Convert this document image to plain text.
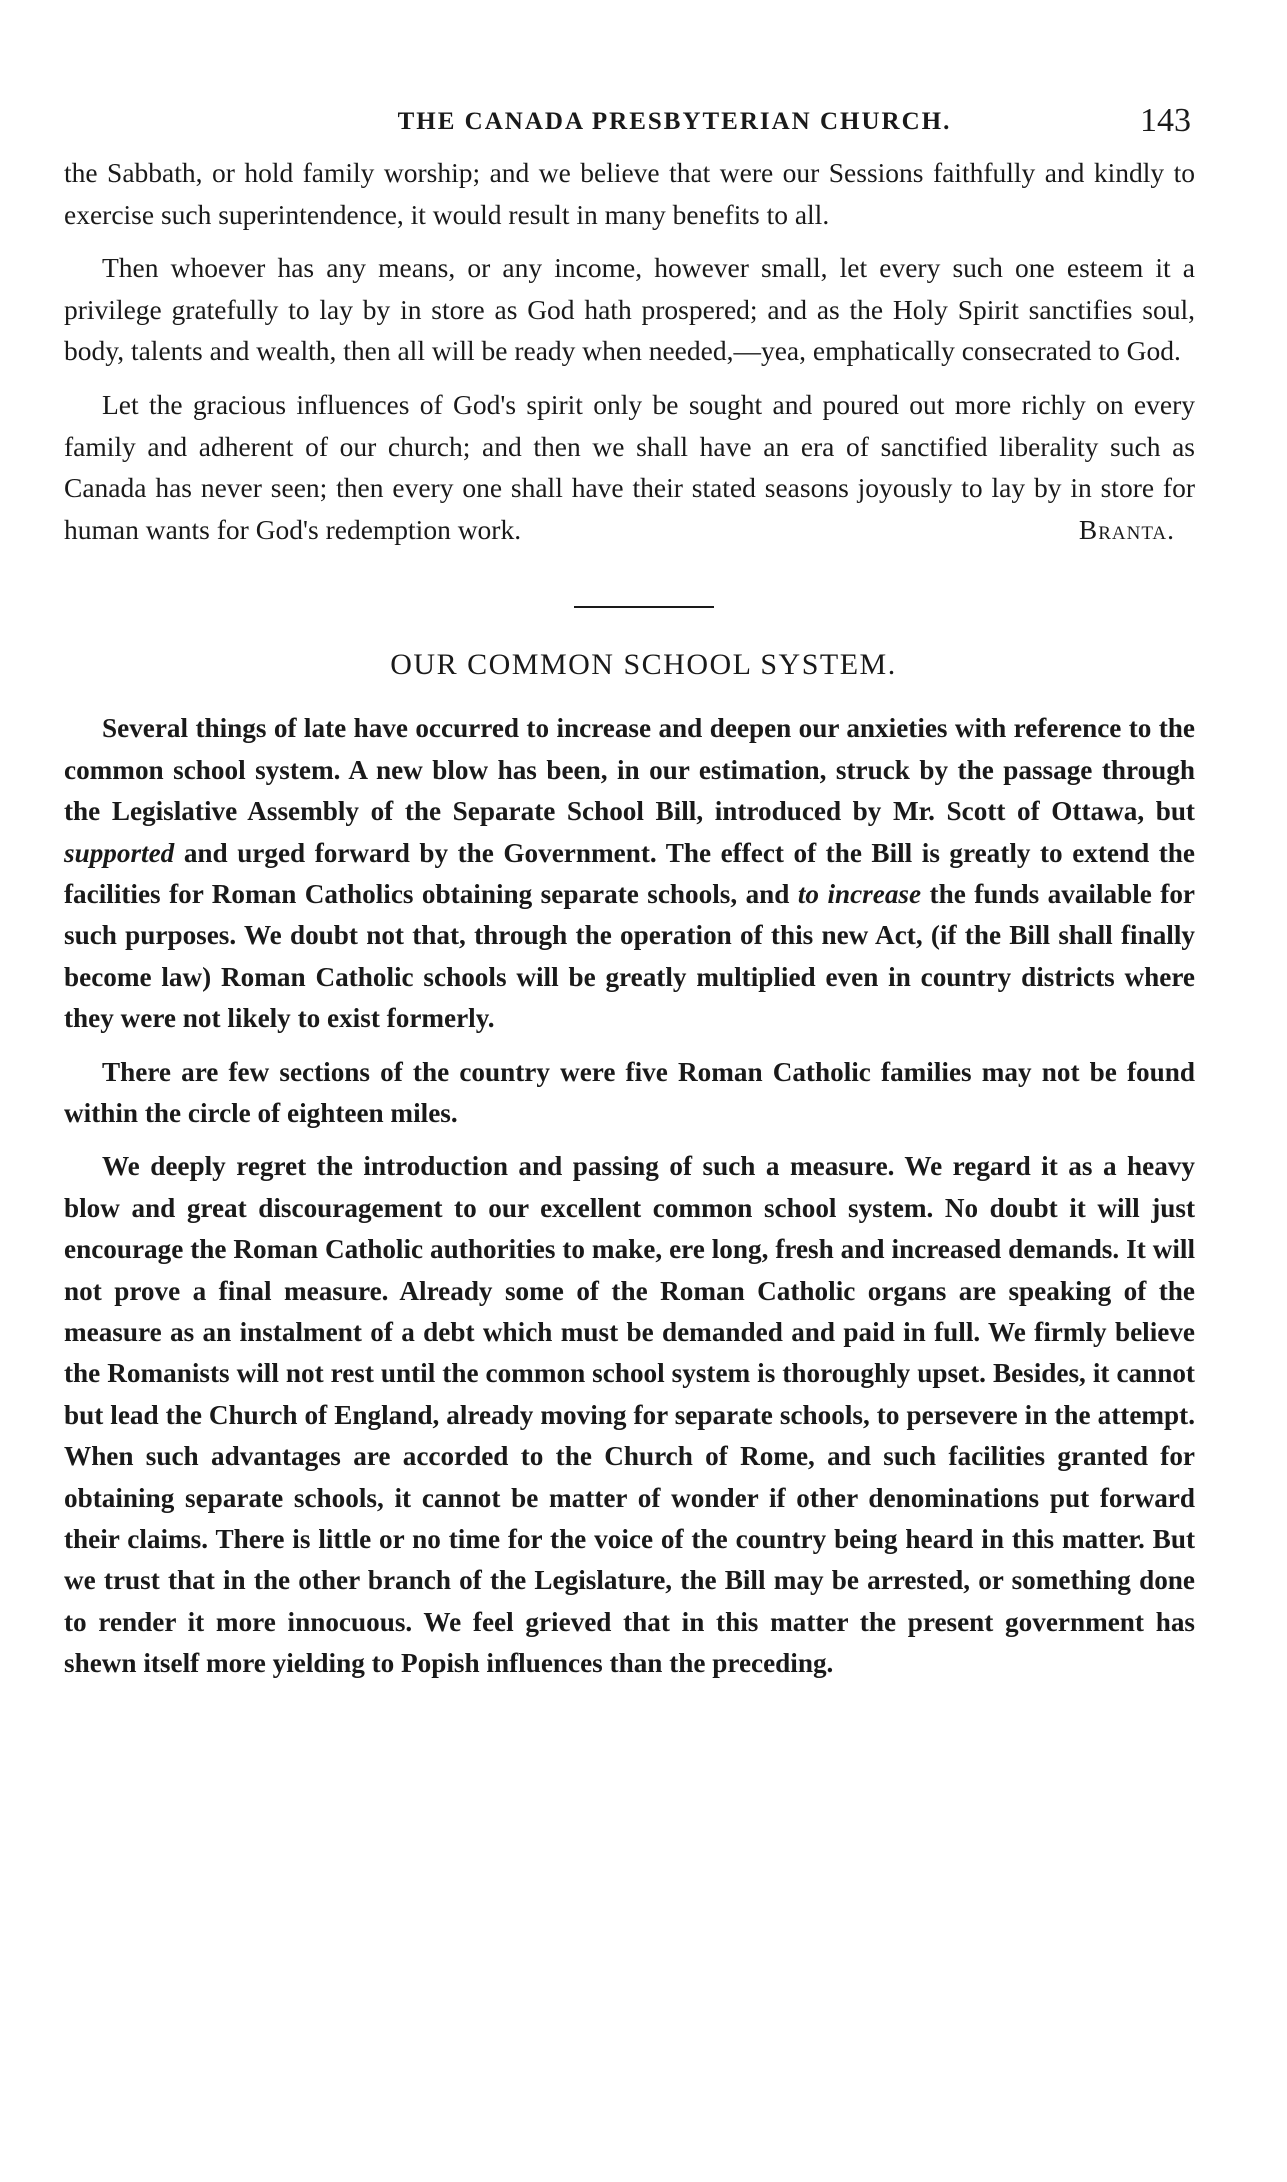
THE CANADA PRESBYTERIAN CHURCH.	143

the Sabbath, or hold family worship; and we believe that were our Sessions faithfully and kindly to exercise such superintendence, it would result in many benefits to all.

Then whoever has any means, or any income, however small, let every such one esteem it a privilege gratefully to lay by in store as God hath prospered; and as the Holy Spirit sanctifies soul, body, talents and wealth, then all will be ready when needed,—yea, emphatically consecrated to God.

Let the gracious influences of God's spirit only be sought and poured out more richly on every family and adherent of our church; and then we shall have an era of sanctified liberality such as Canada has never seen; then every one shall have their stated seasons joyously to lay by in store for human wants for God's redemption work.	Branta.

OUR COMMON SCHOOL SYSTEM.

Several things of late have occurred to increase and deepen our anxieties with reference to the common school system. A new blow has been, in our estimation, struck by the passage through the Legislative Assembly of the Separate School Bill, introduced by Mr. Scott of Ottawa, but supported and urged forward by the Government. The effect of the Bill is greatly to extend the facilities for Roman Catholics obtaining separate schools, and to increase the funds available for such purposes. We doubt not that, through the operation of this new Act, (if the Bill shall finally become law) Roman Catholic schools will be greatly multiplied even in country districts where they were not likely to exist formerly.

There are few sections of the country were five Roman Catholic families may not be found within the circle of eighteen miles.

We deeply regret the introduction and passing of such a measure. We regard it as a heavy blow and great discouragement to our excellent common school system. No doubt it will just encourage the Roman Catholic authorities to make, ere long, fresh and increased demands. It will not prove a final measure. Already some of the Roman Catholic organs are speaking of the measure as an instalment of a debt which must be demanded and paid in full. We firmly believe the Romanists will not rest until the common school system is thoroughly upset. Besides, it cannot but lead the Church of England, already moving for separate schools, to persevere in the attempt. When such advantages are accorded to the Church of Rome, and such facilities granted for obtaining separate schools, it cannot be matter of wonder if other denominations put forward their claims. There is little or no time for the voice of the country being heard in this matter. But we trust that in the other branch of the Legislature, the Bill may be arrested, or something done to render it more innocuous. We feel grieved that in this matter the present government has shewn itself more yielding to Popish influences than the preceding.
